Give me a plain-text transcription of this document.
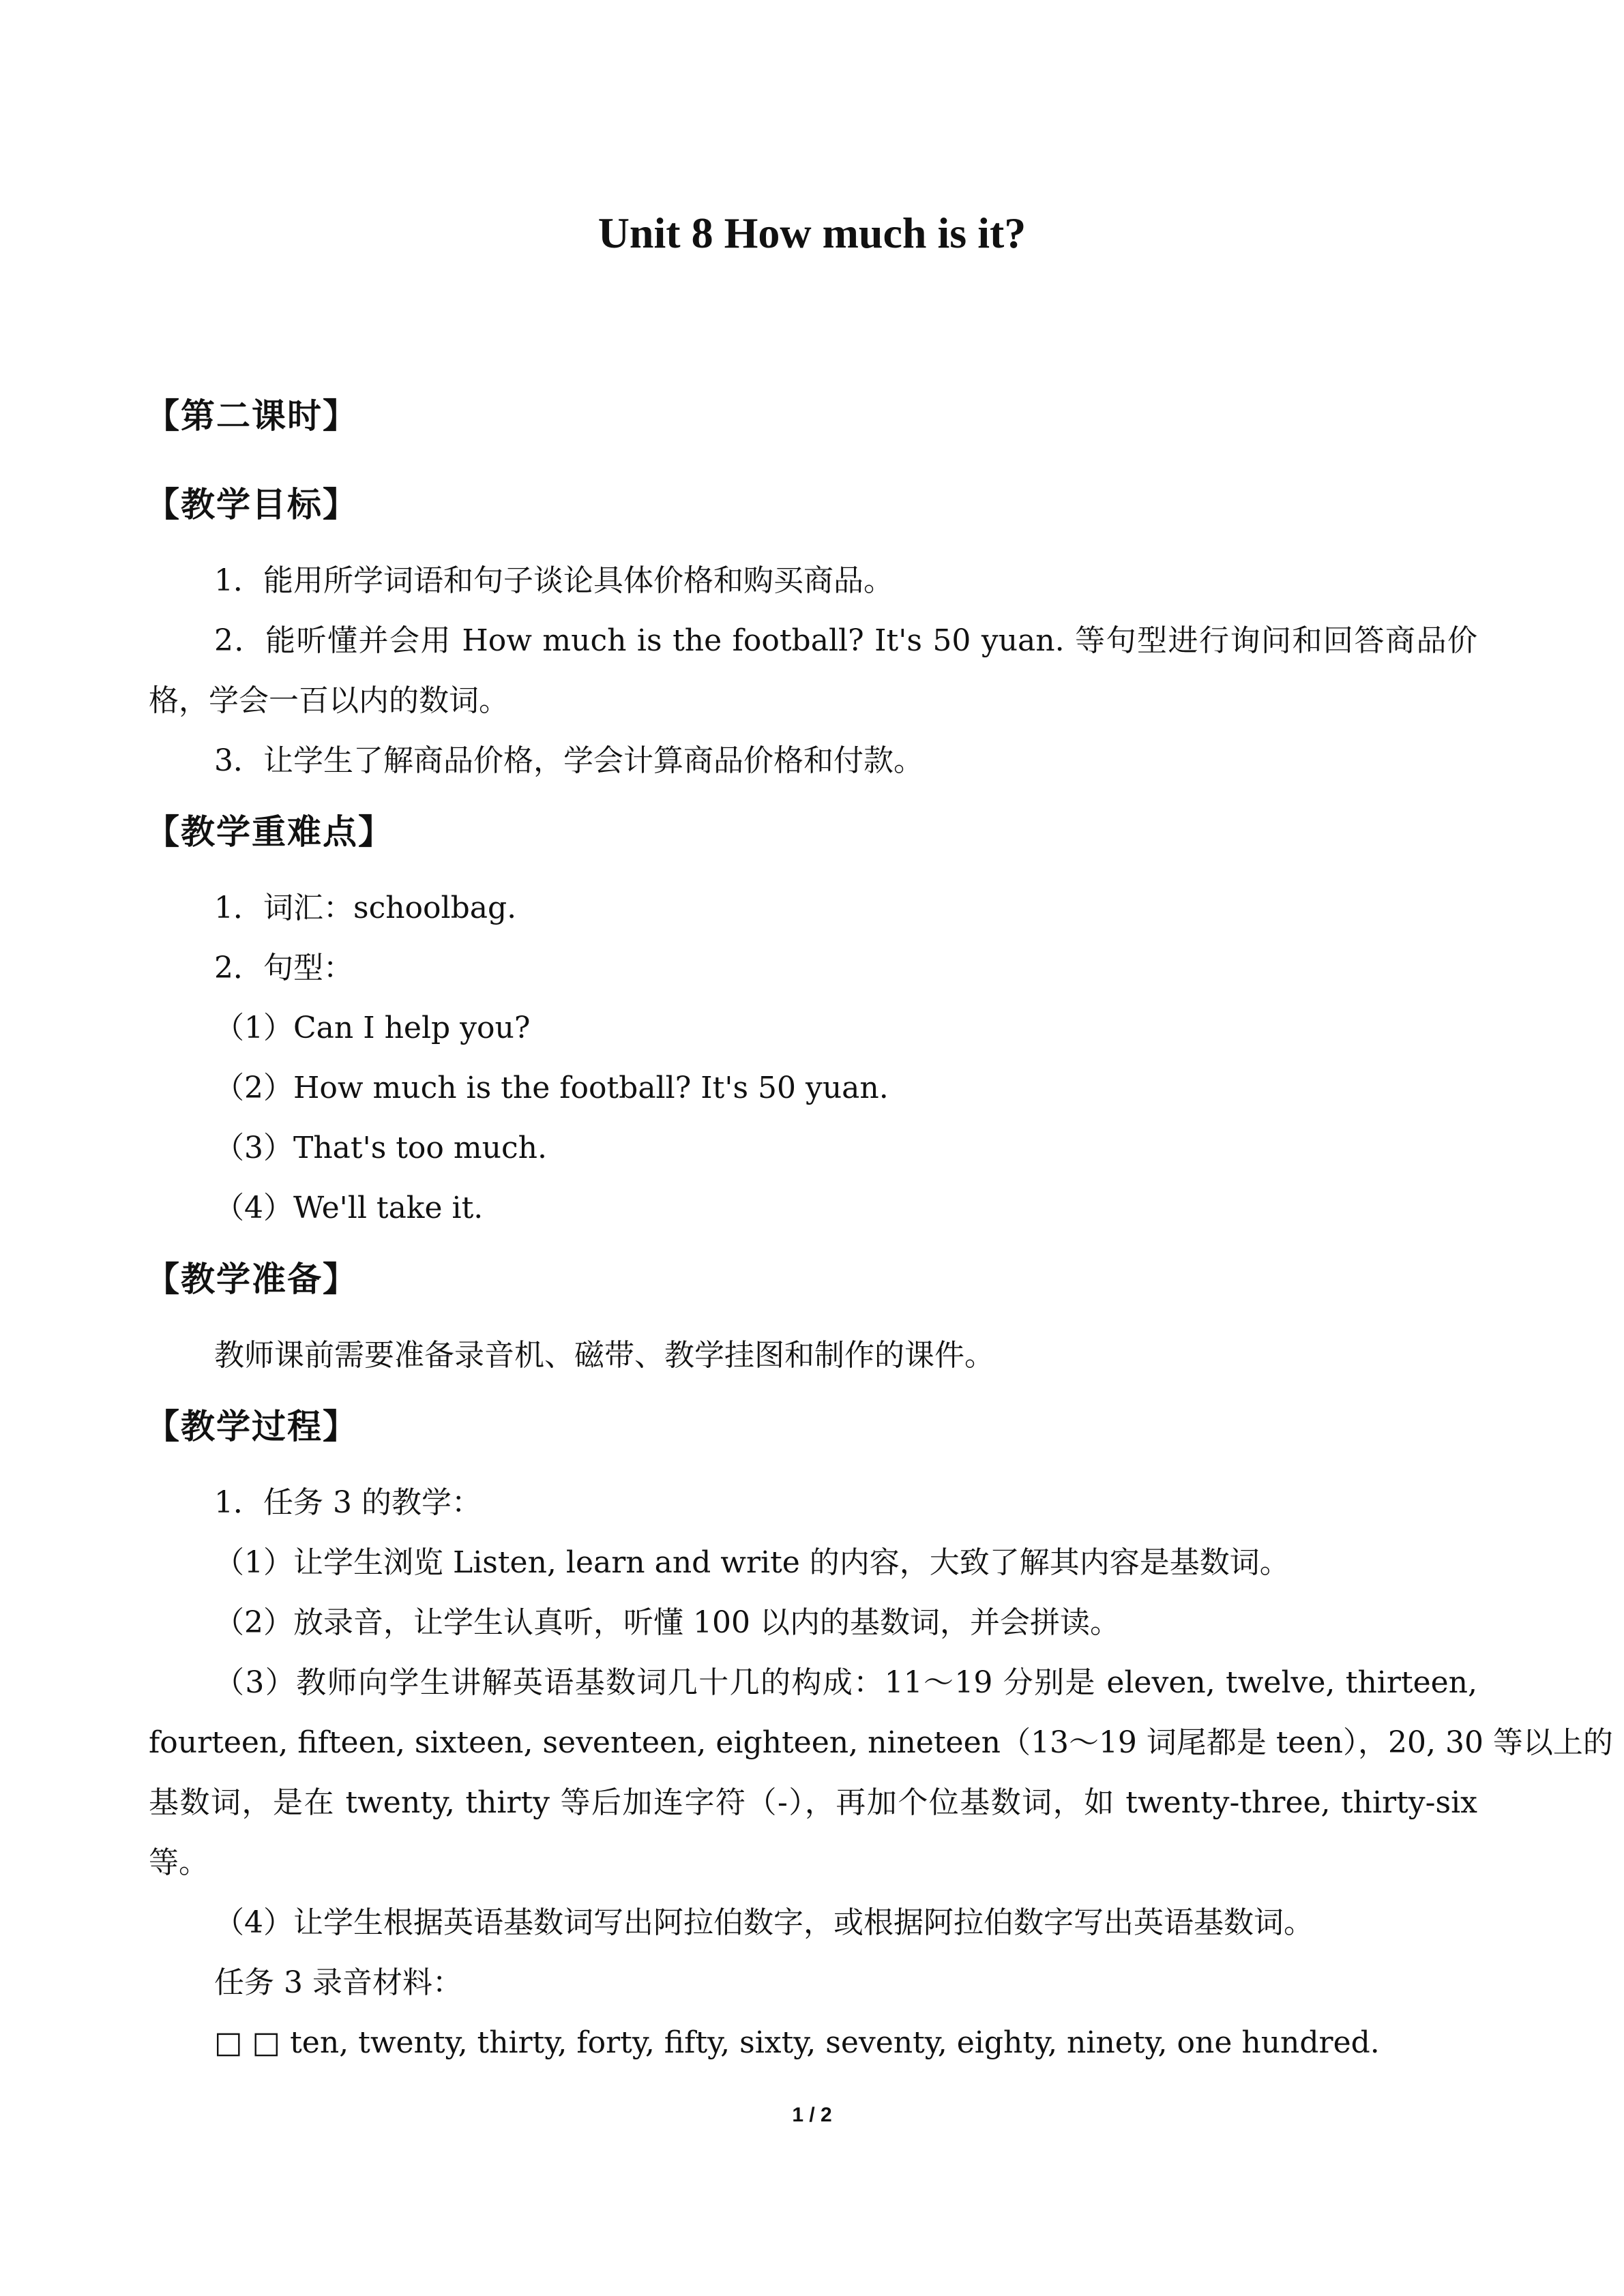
Unit 8 How much is it?
【第二课时】
【教学目标】
1．能用所学词语和句子谈论具体价格和购买商品。
2．能听懂并会用 How much is the football? It's 50 yuan. 等句型进行询问和回答商品价
格，学会一百以内的数词。
3．让学生了解商品价格，学会计算商品价格和付款。
【教学重难点】
1．词汇：schoolbag.
2．句型：
（1）Can I help you?
（2）How much is the football? It's 50 yuan.
（3）That's too much.
（4）We'll take it.
【教学准备】
教师课前需要准备录音机、磁带、教学挂图和制作的课件。
【教学过程】
1．任务 3 的教学：
（1）让学生浏览 Listen, learn and write 的内容，大致了解其内容是基数词。
（2）放录音，让学生认真听，听懂 100 以内的基数词，并会拼读。
（3）教师向学生讲解英语基数词几十几的构成：11～19 分别是 eleven, twelve, thirteen,
fourteen, fifteen, sixteen, seventeen, eighteen, nineteen（13～19 词尾都是 teen），20, 30 等以上的
基数词，是在 twenty, thirty 等后加连字符（-），再加个位基数词，如 twenty-three, thirty-six
等。
（4）让学生根据英语基数词写出阿拉伯数字，或根据阿拉伯数字写出英语基数词。
任务 3 录音材料：
□ □ ten, twenty, thirty, forty, fifty, sixty, seventy, eighty, ninety, one hundred.
1 / 2
